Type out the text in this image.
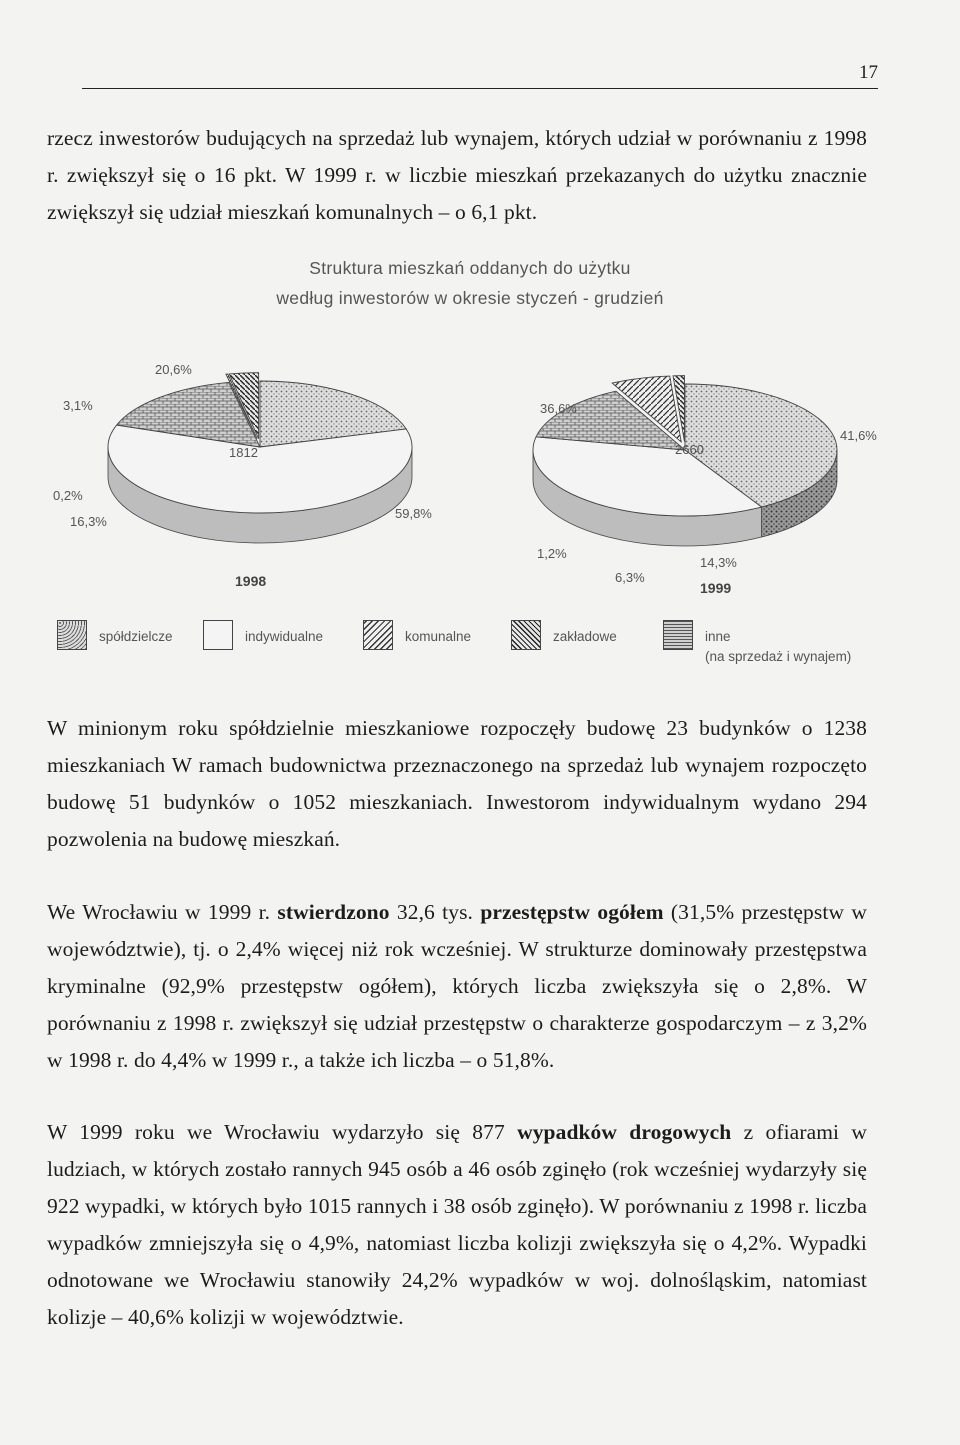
17
rzecz inwestorów budujących na sprzedaż lub wynajem, których udział w porównaniu z 1998 r. zwiększył się o 16 pkt. W 1999 r. w liczbie mieszkań przekazanych do użytku znacznie zwiększył się udział mieszkań komunalnych – o 6,1 pkt.
Struktura mieszkań oddanych do użytku
według inwestorów w okresie styczeń - grudzień
20,6%
3,1%
0,2%
16,3%
59,8%
1812
1998
36,6%
41,6%
2660
1,2%
6,3%
14,3%
1999
spółdzielcze	indywidualne	komunalne	zakładowe	inne
(na sprzedaż i wynajem)
W minionym roku spółdzielnie mieszkaniowe rozpoczęły budowę 23 budynków o 1238 mieszkaniach W ramach budownictwa przeznaczonego na sprzedaż lub wynajem rozpoczęto budowę 51 budynków o 1052 mieszkaniach. Inwestorom indywidualnym wydano 294 pozwolenia na budowę mieszkań.
We Wrocławiu w 1999 r. stwierdzono 32,6 tys. przestępstw ogółem (31,5% przestępstw w województwie), tj. o 2,4% więcej niż rok wcześniej. W strukturze dominowały przestępstwa kryminalne (92,9% przestępstw ogółem), których liczba zwiększyła się o 2,8%. W porównaniu z 1998 r. zwiększył się udział przestępstw o charakterze gospodarczym – z 3,2% w 1998 r. do 4,4% w 1999 r., a także ich liczba – o 51,8%.
W 1999 roku we Wrocławiu wydarzyło się 877 wypadków drogowych z ofiarami w ludziach, w których zostało rannych 945 osób a 46 osób zginęło (rok wcześniej wydarzyły się 922 wypadki, w których było 1015 rannych i 38 osób zginęło). W porównaniu z 1998 r. liczba wypadków zmniejszyła się o 4,9%, natomiast liczba kolizji zwiększyła się o 4,2%. Wypadki odnotowane we Wrocławiu stanowiły 24,2% wypadków w woj. dolnośląskim, natomiast kolizje – 40,6% kolizji w województwie.
